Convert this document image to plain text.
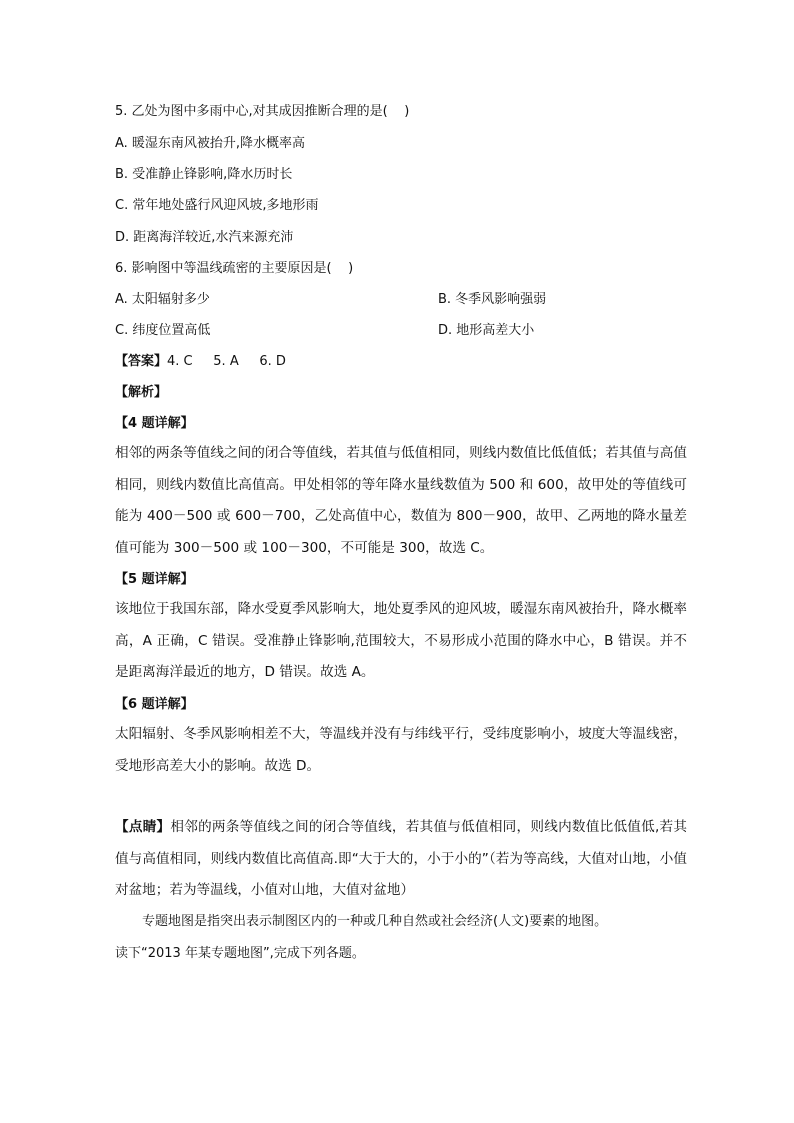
5. 乙处为图中多雨中心,对其成因推断合理的是(    )
A. 暖湿东南风被抬升,降水概率高
B. 受准静止锋影响,降水历时长
C. 常年地处盛行风迎风坡,多地形雨
D. 距离海洋较近,水汽来源充沛
6. 影响图中等温线疏密的主要原因是(    )
A. 太阳辐射多少	B. 冬季风影响强弱
C. 纬度位置高低	D. 地形高差大小
【答案】4. C     5. A     6. D
【解析】
【4 题详解】
相邻的两条等值线之间的闭合等值线，若其值与低值相同，则线内数值比低值低；若其值与高值相同，则线内数值比高值高。甲处相邻的等年降水量线数值为 500 和 600，故甲处的等值线可能为 400－500 或 600－700，乙处高值中心，数值为 800－900，故甲、乙两地的降水量差值可能为 300－500 或 100－300，不可能是 300，故选 C。
【5 题详解】
该地位于我国东部，降水受夏季风影响大，地处夏季风的迎风坡，暖湿东南风被抬升，降水概率高，A 正确，C 错误。受准静止锋影响,范围较大，不易形成小范围的降水中心，B 错误。并不是距离海洋最近的地方，D 错误。故选 A。
【6 题详解】
太阳辐射、冬季风影响相差不大，等温线并没有与纬线平行，受纬度影响小，坡度大等温线密，受地形高差大小的影响。故选 D。
【点睛】相邻的两条等值线之间的闭合等值线，若其值与低值相同，则线内数值比低值低,若其值与高值相同，则线内数值比高值高.即“大于大的，小于小的”（若为等高线，大值对山地，小值对盆地；若为等温线，小值对山地，大值对盆地）
专题地图是指突出表示制图区内的一种或几种自然或社会经济(人文)要素的地图。
读下“2013 年某专题地图”,完成下列各题。
